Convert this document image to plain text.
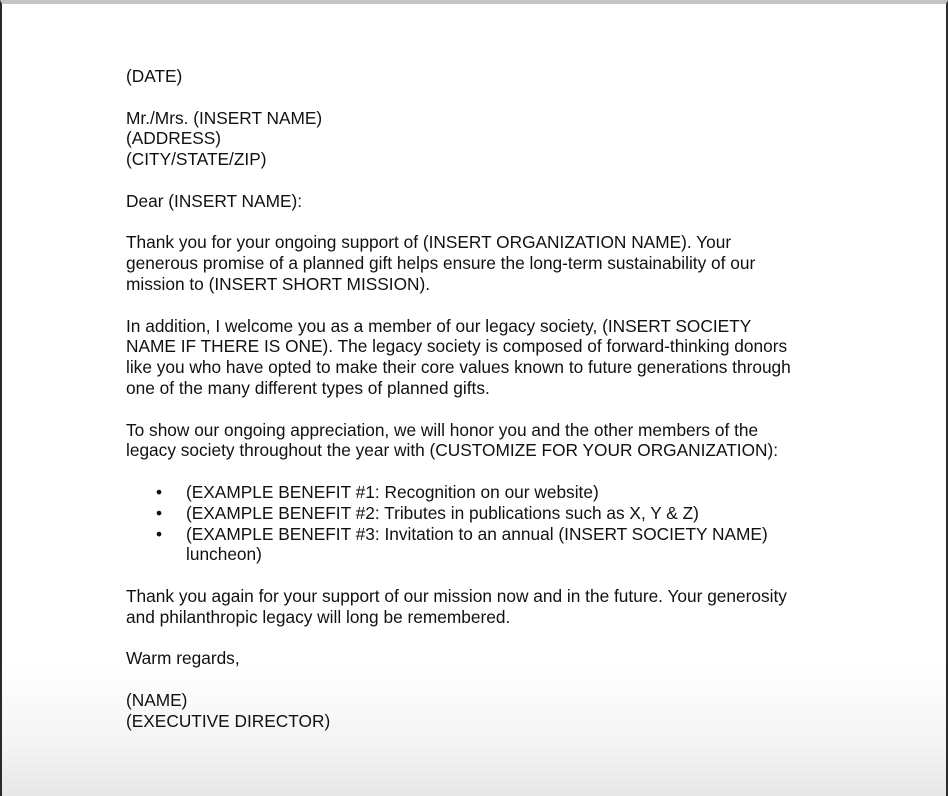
(DATE)

Mr./Mrs. (INSERT NAME)

(ADDRESS)

(CITY/STATE/ZIP)

Dear (INSERT NAME):

Thank you for your ongoing support of (INSERT ORGANIZATION NAME). Your

generous promise of a planned gift helps ensure the long-term sustainability of our

mission to (INSERT SHORT MISSION).

In addition, I welcome you as a member of our legacy society, (INSERT SOCIETY

NAME IF THERE IS ONE). The legacy society is composed of forward-thinking donors

like you who have opted to make their core values known to future generations through

one of the many different types of planned gifts.

To show our ongoing appreciation, we will honor you and the other members of the

legacy society throughout the year with (CUSTOMIZE FOR YOUR ORGANIZATION):

•	(EXAMPLE BENEFIT #1: Recognition on our website)

•	(EXAMPLE BENEFIT #2: Tributes in publications such as X, Y & Z)

•	(EXAMPLE BENEFIT #3: Invitation to an annual (INSERT SOCIETY NAME)

luncheon)

Thank you again for your support of our mission now and in the future. Your generosity

and philanthropic legacy will long be remembered.

Warm regards,

(NAME)

(EXECUTIVE DIRECTOR)
